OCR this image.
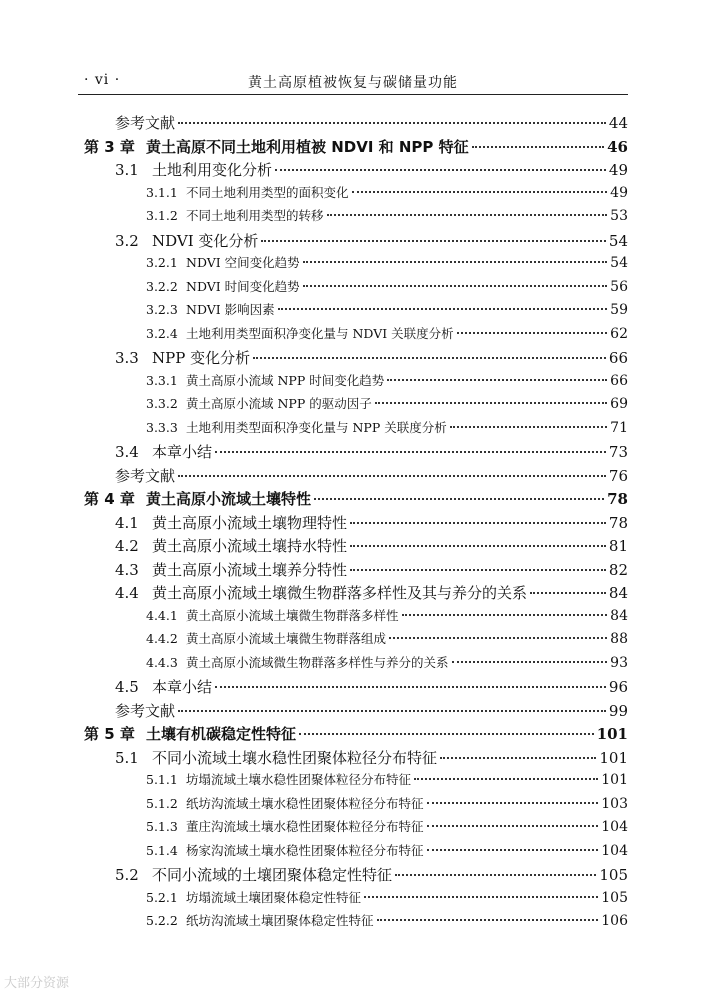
· vi ·	黄土高原植被恢复与碳储量功能
参考文献	44
第 3 章 黄土高原不同土地利用植被 NDVI 和 NPP 特征	46
3.1 土地利用变化分析	49
3.1.1 不同土地利用类型的面积变化	49
3.1.2 不同土地利用类型的转移	53
3.2 NDVI 变化分析	54
3.2.1 NDVI 空间变化趋势	54
3.2.2 NDVI 时间变化趋势	56
3.2.3 NDVI 影响因素	59
3.2.4 土地利用类型面积净变化量与 NDVI 关联度分析	62
3.3 NPP 变化分析	66
3.3.1 黄土高原小流域 NPP 时间变化趋势	66
3.3.2 黄土高原小流域 NPP 的驱动因子	69
3.3.3 土地利用类型面积净变化量与 NPP 关联度分析	71
3.4 本章小结	73
参考文献	76
第 4 章 黄土高原小流域土壤特性	78
4.1 黄土高原小流域土壤物理特性	78
4.2 黄土高原小流域土壤持水特性	81
4.3 黄土高原小流域土壤养分特性	82
4.4 黄土高原小流域土壤微生物群落多样性及其与养分的关系	84
4.4.1 黄土高原小流域土壤微生物群落多样性	84
4.4.2 黄土高原小流域土壤微生物群落组成	88
4.4.3 黄土高原小流域微生物群落多样性与养分的关系	93
4.5 本章小结	96
参考文献	99
第 5 章 土壤有机碳稳定性特征	101
5.1 不同小流域土壤水稳性团聚体粒径分布特征	101
5.1.1 坊塌流域土壤水稳性团聚体粒径分布特征	101
5.1.2 纸坊沟流域土壤水稳性团聚体粒径分布特征	103
5.1.3 董庄沟流域土壤水稳性团聚体粒径分布特征	104
5.1.4 杨家沟流域土壤水稳性团聚体粒径分布特征	104
5.2 不同小流域的土壤团聚体稳定性特征	105
5.2.1 坊塌流域土壤团聚体稳定性特征	105
5.2.2 纸坊沟流域土壤团聚体稳定性特征	106
大部分资源
